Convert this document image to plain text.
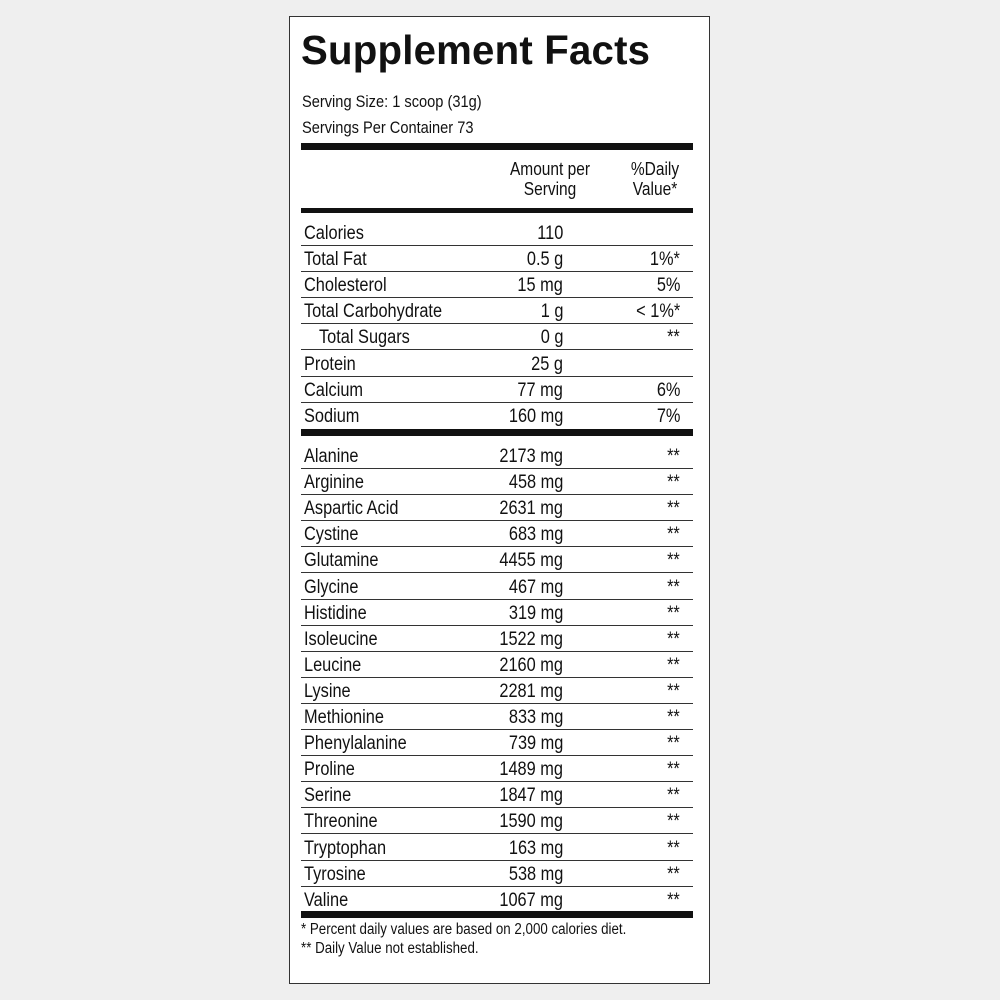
Supplement Facts
Serving Size: 1 scoop (31g)
Servings Per Container 73
Amount per Serving
%Daily Value*
Calories	110
Total Fat	0.5 g	1%*
Cholesterol	15 mg	5%
Total Carbohydrate	1 g	< 1%*
Total Sugars	0 g	**
Protein	25 g
Calcium	77 mg	6%
Sodium	160 mg	7%
Alanine	2173 mg	**
Arginine	458 mg	**
Aspartic Acid	2631 mg	**
Cystine	683 mg	**
Glutamine	4455 mg	**
Glycine	467 mg	**
Histidine	319 mg	**
Isoleucine	1522 mg	**
Leucine	2160 mg	**
Lysine	2281 mg	**
Methionine	833 mg	**
Phenylalanine	739 mg	**
Proline	1489 mg	**
Serine	1847 mg	**
Threonine	1590 mg	**
Tryptophan	163 mg	**
Tyrosine	538 mg	**
Valine	1067 mg	**
* Percent daily values are based on 2,000 calories diet.
** Daily Value not established.
